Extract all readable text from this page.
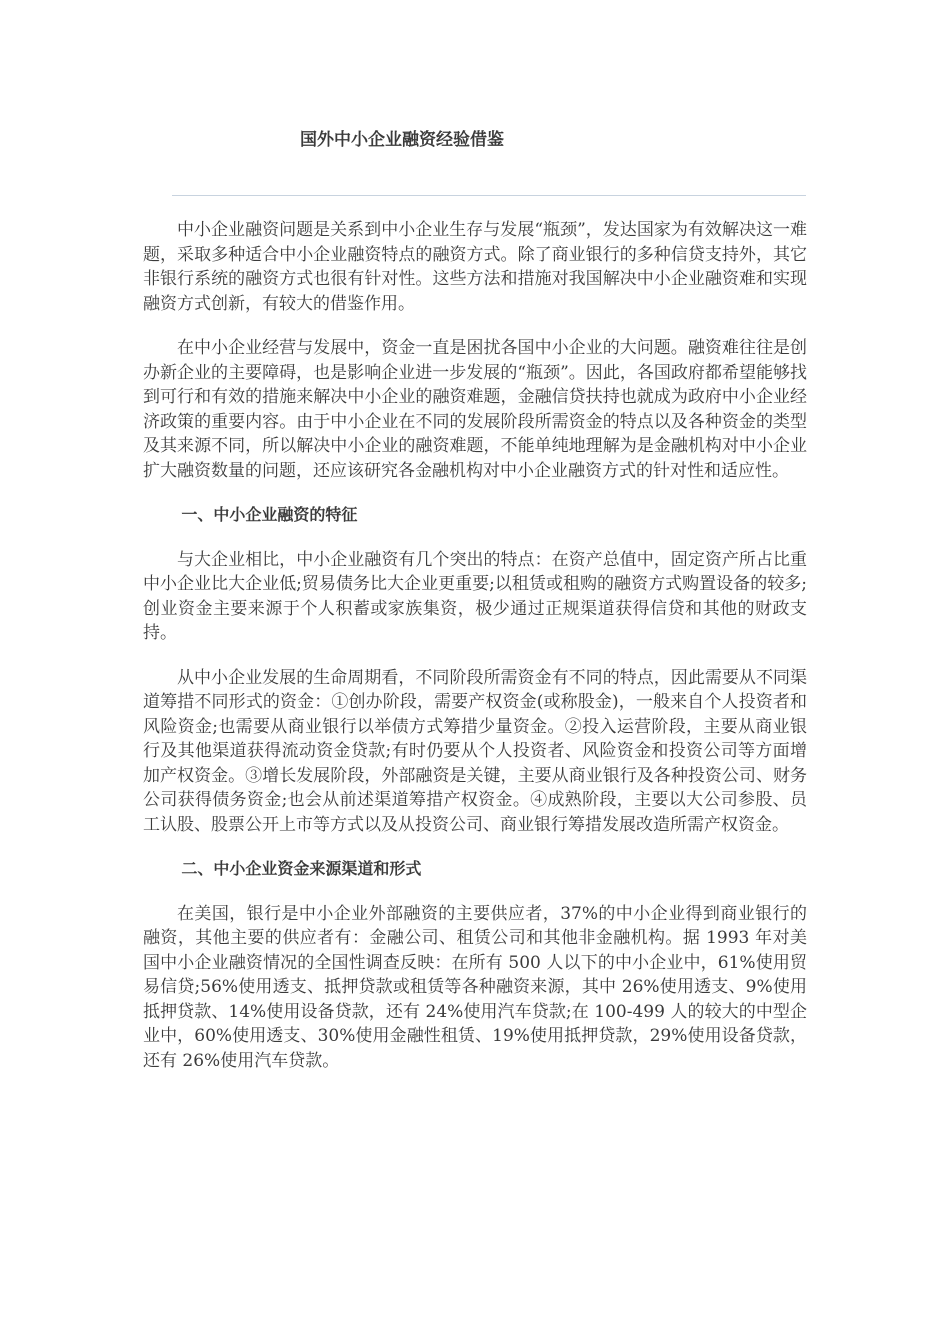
国外中小企业融资经验借鉴

中小企业融资问题是关系到中小企业生存与发展“瓶颈”，发达国家为有效解决这一难题，采取多种适合中小企业融资特点的融资方式。除了商业银行的多种信贷支持外，其它非银行系统的融资方式也很有针对性。这些方法和措施对我国解决中小企业融资难和实现融资方式创新，有较大的借鉴作用。

在中小企业经营与发展中，资金一直是困扰各国中小企业的大问题。融资难往往是创办新企业的主要障碍，也是影响企业进一步发展的“瓶颈”。因此，各国政府都希望能够找到可行和有效的措施来解决中小企业的融资难题，金融信贷扶持也就成为政府中小企业经济政策的重要内容。由于中小企业在不同的发展阶段所需资金的特点以及各种资金的类型及其来源不同，所以解决中小企业的融资难题，不能单纯地理解为是金融机构对中小企业扩大融资数量的问题，还应该研究各金融机构对中小企业融资方式的针对性和适应性。

一、中小企业融资的特征

与大企业相比，中小企业融资有几个突出的特点：在资产总值中，固定资产所占比重中小企业比大企业低;贸易债务比大企业更重要;以租赁或租购的融资方式购置设备的较多;创业资金主要来源于个人积蓄或家族集资，极少通过正规渠道获得信贷和其他的财政支持。

从中小企业发展的生命周期看，不同阶段所需资金有不同的特点，因此需要从不同渠道筹措不同形式的资金：①创办阶段，需要产权资金(或称股金)，一般来自个人投资者和风险资金;也需要从商业银行以举债方式筹措少量资金。②投入运营阶段，主要从商业银行及其他渠道获得流动资金贷款;有时仍要从个人投资者、风险资金和投资公司等方面增加产权资金。③增长发展阶段，外部融资是关键，主要从商业银行及各种投资公司、财务公司获得债务资金;也会从前述渠道筹措产权资金。④成熟阶段，主要以大公司参股、员工认股、股票公开上市等方式以及从投资公司、商业银行筹措发展改造所需产权资金。

二、中小企业资金来源渠道和形式

在美国，银行是中小企业外部融资的主要供应者，37%的中小企业得到商业银行的融资，其他主要的供应者有：金融公司、租赁公司和其他非金融机构。据 1993 年对美国中小企业融资情况的全国性调查反映：在所有 500 人以下的中小企业中，61%使用贸易信贷;56%使用透支、抵押贷款或租赁等各种融资来源，其中 26%使用透支、9%使用抵押贷款、14%使用设备贷款，还有 24%使用汽车贷款;在 100-499 人的较大的中型企业中，60%使用透支、30%使用金融性租赁、19%使用抵押贷款，29%使用设备贷款，还有 26%使用汽车贷款。
